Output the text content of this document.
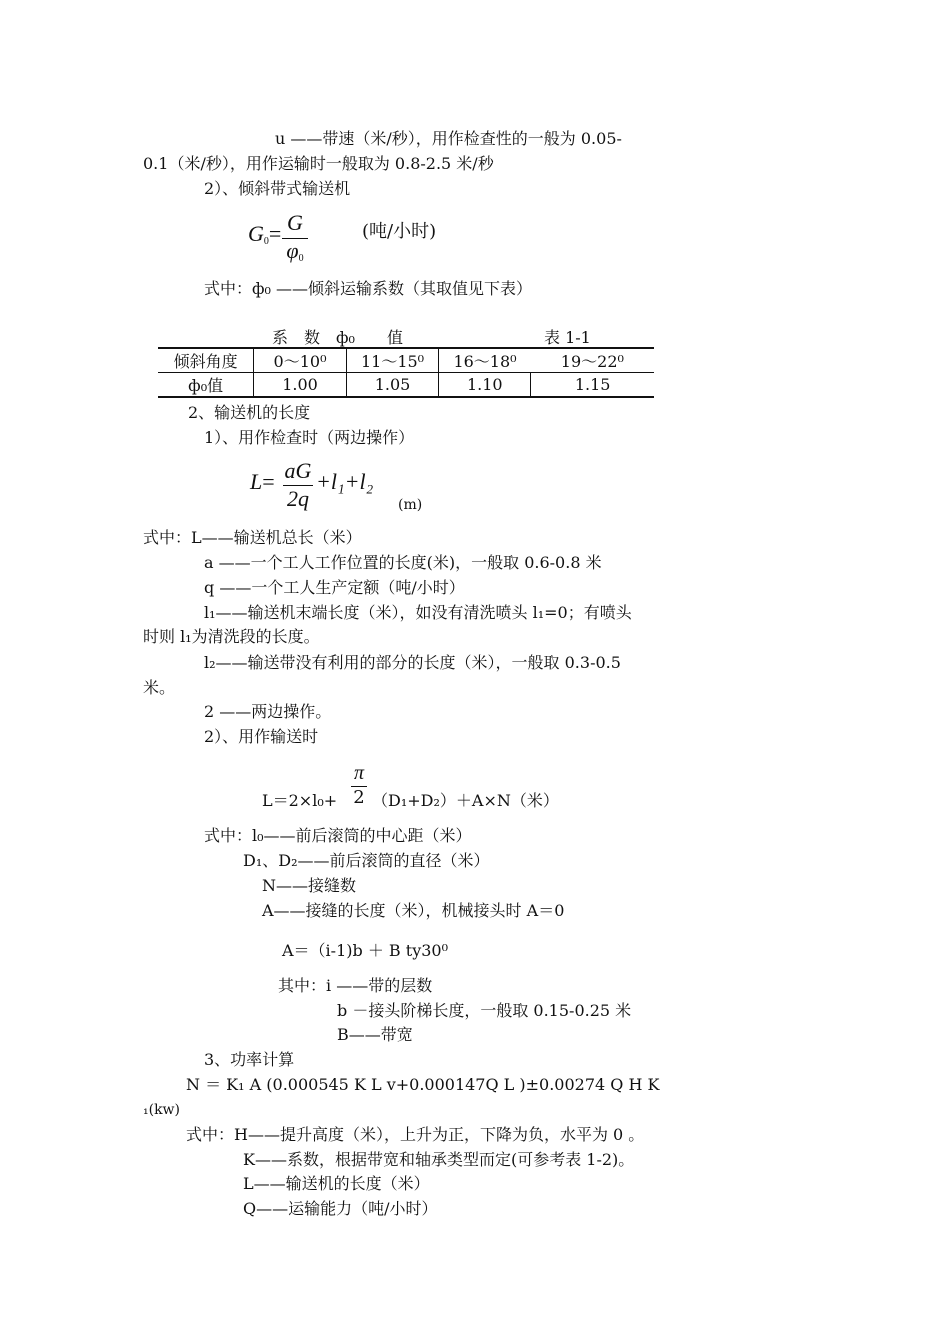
u ——带速（米/秒），用作检查性的一般为 0.05-
0.1（米/秒），用作运输时一般取为 0.8-2.5 米/秒
2）、倾斜带式输送机
$G_0= G$
$\varphi_0$
(吨/小时)
式中：ф₀ ——倾斜运输系数（其取值见下表）
系　数　ф₀　　值	表 1-1
倾斜角度	0～10⁰	11～15⁰	16～18⁰	19～22⁰
ф₀值	1.00	1.05	1.10	1.15
2、输送机的长度
1）、用作检查时（两边操作）
L= aG
2q
+l₁+l₂
(m)
式中：L——输送机总长（米）
a ——一个工人工作位置的长度(米)，一般取 0.6-0.8 米
q ——一个工人生产定额（吨/小时）
l₁——输送机末端长度（米），如没有清洗喷头 l₁=0；有喷头
时则 l₁为清洗段的长度。
l₂——输送带没有利用的部分的长度（米），一般取 0.3-0.5
米。
2 ——两边操作。
2）、用作输送时
π
2
L＝2×l₀+ （D₁+D₂）＋A×N（米）
式中：l₀——前后滚筒的中心距（米）
D₁、D₂——前后滚筒的直径（米）
N——接缝数
A——接缝的长度（米），机械接头时 A＝0
A＝（i-1)b ＋ B ty30⁰
其中：i ——带的层数
b －接头阶梯长度，一般取 0.15-0.25 米
B——带宽
3、功率计算
N ＝ K₁ A (0.000545 K L v+0.000147Q L )±0.00274 Q H K
₁(kw)
式中：H——提升高度（米），上升为正，下降为负，水平为 0 。
K——系数，根据带宽和轴承类型而定(可参考表 1-2)。
L——输送机的长度（米）
Q——运输能力（吨/小时）
